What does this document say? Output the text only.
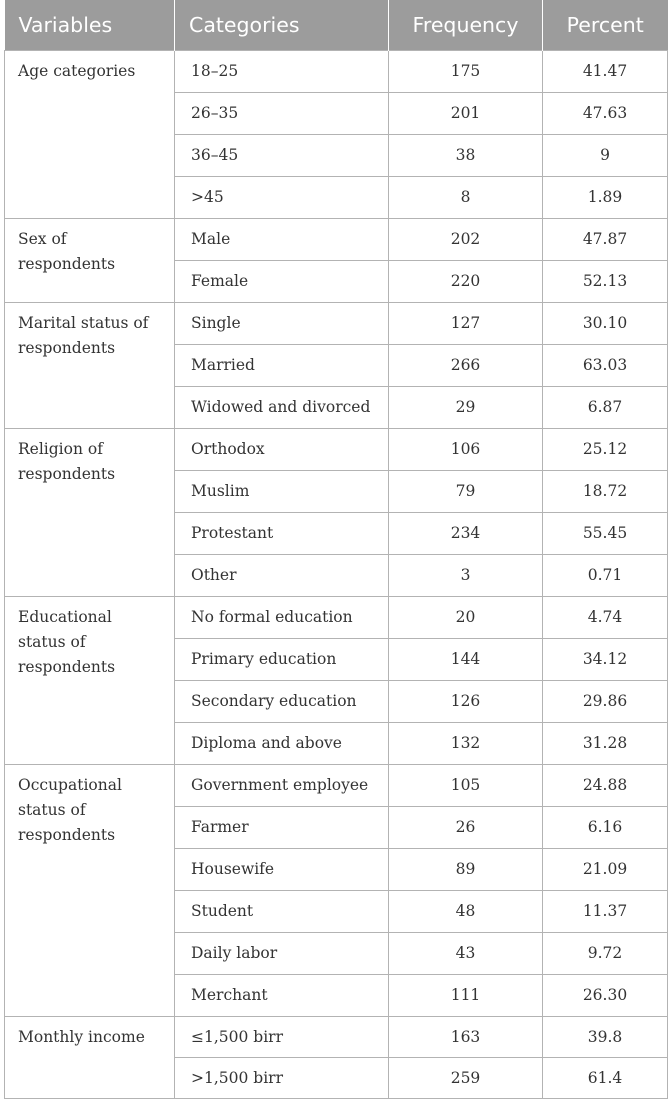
Variables	Categories	Frequency	Percent

Age categories	18–25	175	41.47
	26–35	201	47.63
	36–45	38	9
	>45	8	1.89

Sex of respondents	Male	202	47.87
	Female	220	52.13

Marital status of respondents	Single	127	30.10
	Married	266	63.03
	Widowed and divorced	29	6.87

Religion of respondents	Orthodox	106	25.12
	Muslim	79	18.72
	Protestant	234	55.45
	Other	3	0.71

Educational status of respondents	No formal education	20	4.74
	Primary education	144	34.12
	Secondary education	126	29.86
	Diploma and above	132	31.28

Occupational status of respondents	Government employee	105	24.88
	Farmer	26	6.16
	Housewife	89	21.09
	Student	48	11.37
	Daily labor	43	9.72
	Merchant	111	26.30

Monthly income	≤1,500 birr	163	39.8
	>1,500 birr	259	61.4
